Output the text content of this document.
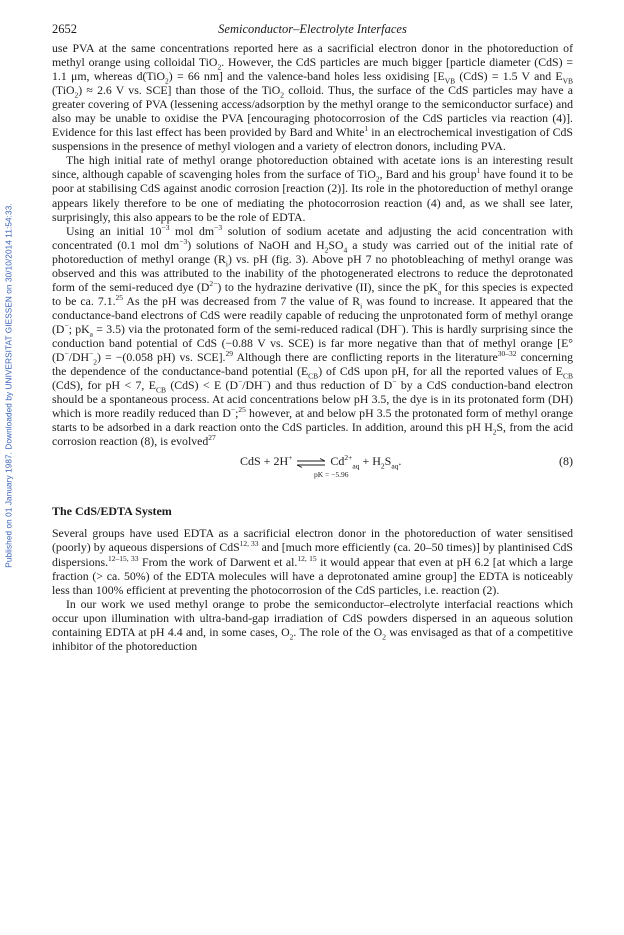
Published on 01 January 1987. Downloaded by UNIVERSITAT GIESSEN on 30/10/2014 11:54:33.
2652	Semiconductor–Electrolyte Interfaces

use PVA at the same concentrations reported here as a sacrificial electron donor in the photoreduction of methyl orange using colloidal TiO$_2$. However, the CdS particles are much bigger [particle diameter (CdS) = 1.1 μm, whereas d(TiO$_2$) = 66 nm] and the valence-band holes less oxidising [$E_{VB}$ (CdS) = 1.5 V and $E_{VB}$ (TiO$_2$) ≈ 2.6 V vs. SCE] than those of the TiO$_2$ colloid. Thus, the surface of the CdS particles may have a greater covering of PVA (lessening access/adsorption by the methyl orange to the semiconductor surface) and also may be unable to oxidise the PVA [encouraging photocorrosion of the CdS particles via reaction (4)]. Evidence for this last effect has been provided by Bard and White$^1$ in an electrochemical investigation of CdS suspensions in the presence of methyl viologen and a variety of electron donors, including PVA.

The high initial rate of methyl orange photoreduction obtained with acetate ions is an interesting result since, although capable of scavenging holes from the surface of TiO$_2$, Bard and his group$^1$ have found it to be poor at stabilising CdS against anodic corrosion [reaction (2)]. Its role in the photoreduction of methyl orange appears likely therefore to be one of mediating the photocorrosion reaction (4) and, as we shall see later, surprisingly, this also appears to be the role of EDTA.

Using an initial $10^{-3}$ mol $dm^{-3}$ solution of sodium acetate and adjusting the acid concentration with concentrated (0.1 mol $dm^{-3}$) solutions of NaOH and $H_2SO_4$ a study was carried out of the initial rate of photoreduction of methyl orange $(R_i)$ vs. pH (fig. 3). Above pH 7 no photobleaching of methyl orange was observed and this was attributed to the inability of the photogenerated electrons to reduce the deprotonated form of the semi-reduced dye $(D^{2-})$ to the hydrazine derivative (II), since the $pK_a$ for this species is expected to be ca. 7.1.25 As the pH was decreased from 7 the value of $R_i$ was found to increase. It appeared that the conductance-band electrons of CdS were readily capable of reducing the unprotonated form of methyl orange (D−; $pK_a = 3.5$) via the protonated form of the semi-reduced radical (DH−). This is hardly surprising since the conduction band potential of CdS (−0.88 V vs. SCE) is far more negative than that of methyl orange [$E^\circ(D^-/DH^-_2) = -(0.058$ pH) vs. SCE].$^{29}$ Although there are conflicting reports in the literature$^{30-32}$ concerning the dependence of the conductance-band potential $(E_{CB})$ of CdS upon pH, for all the reported values of $E_{CB}$ (CdS), for pH < 7, $E_{CB}$ (CdS) < E (D−/DH−) and thus reduction of D− by a CdS conduction-band electron should be a spontaneous process. At acid concentrations below pH 3.5, the dye is in its protonated form (DH) which is more readily reduced than D−;$^{25}$ however, at and below pH 3.5 the protonated form of methyl orange starts to be adsorbed in a dark reaction onto the CdS particles. In addition, around this pH $H_2S$, from the acid corrosion reaction (8), is evolved$^{27}$

CdS + 2H+ ⇌ $Cd^{2+}_{aq} + H_2S_{aq}$.
pK = −5.96
(8)
The CdS/EDTA System

Several groups have used EDTA as a sacrificial electron donor in the photoreduction of water sensitised (poorly) by aqueous dispersions of CdS$^{12, 33}$ and [much more efficiently (ca. 20–50 times)] by plantinised CdS dispersions.$^{12-15, 33}$ From the work of Darwent et al.$^{12, 15}$ it would appear that even at pH 6.2 [at which a large fraction (> ca. 50%) of the EDTA molecules will have a deprotonated amine group] the EDTA is noticeably less than 100% efficient at preventing the photocorrosion of the CdS particles, i.e. reaction (2).

In our work we used methyl orange to probe the semiconductor–electrolyte interfacial reactions which occur upon illumination with ultra-band-gap irradiation of CdS powders dispersed in an aqueous solution containing EDTA at pH 4.4 and, in some cases, $O_2$. The role of the $O_2$ was envisaged as that of a competitive inhibitor of the photoreduction
